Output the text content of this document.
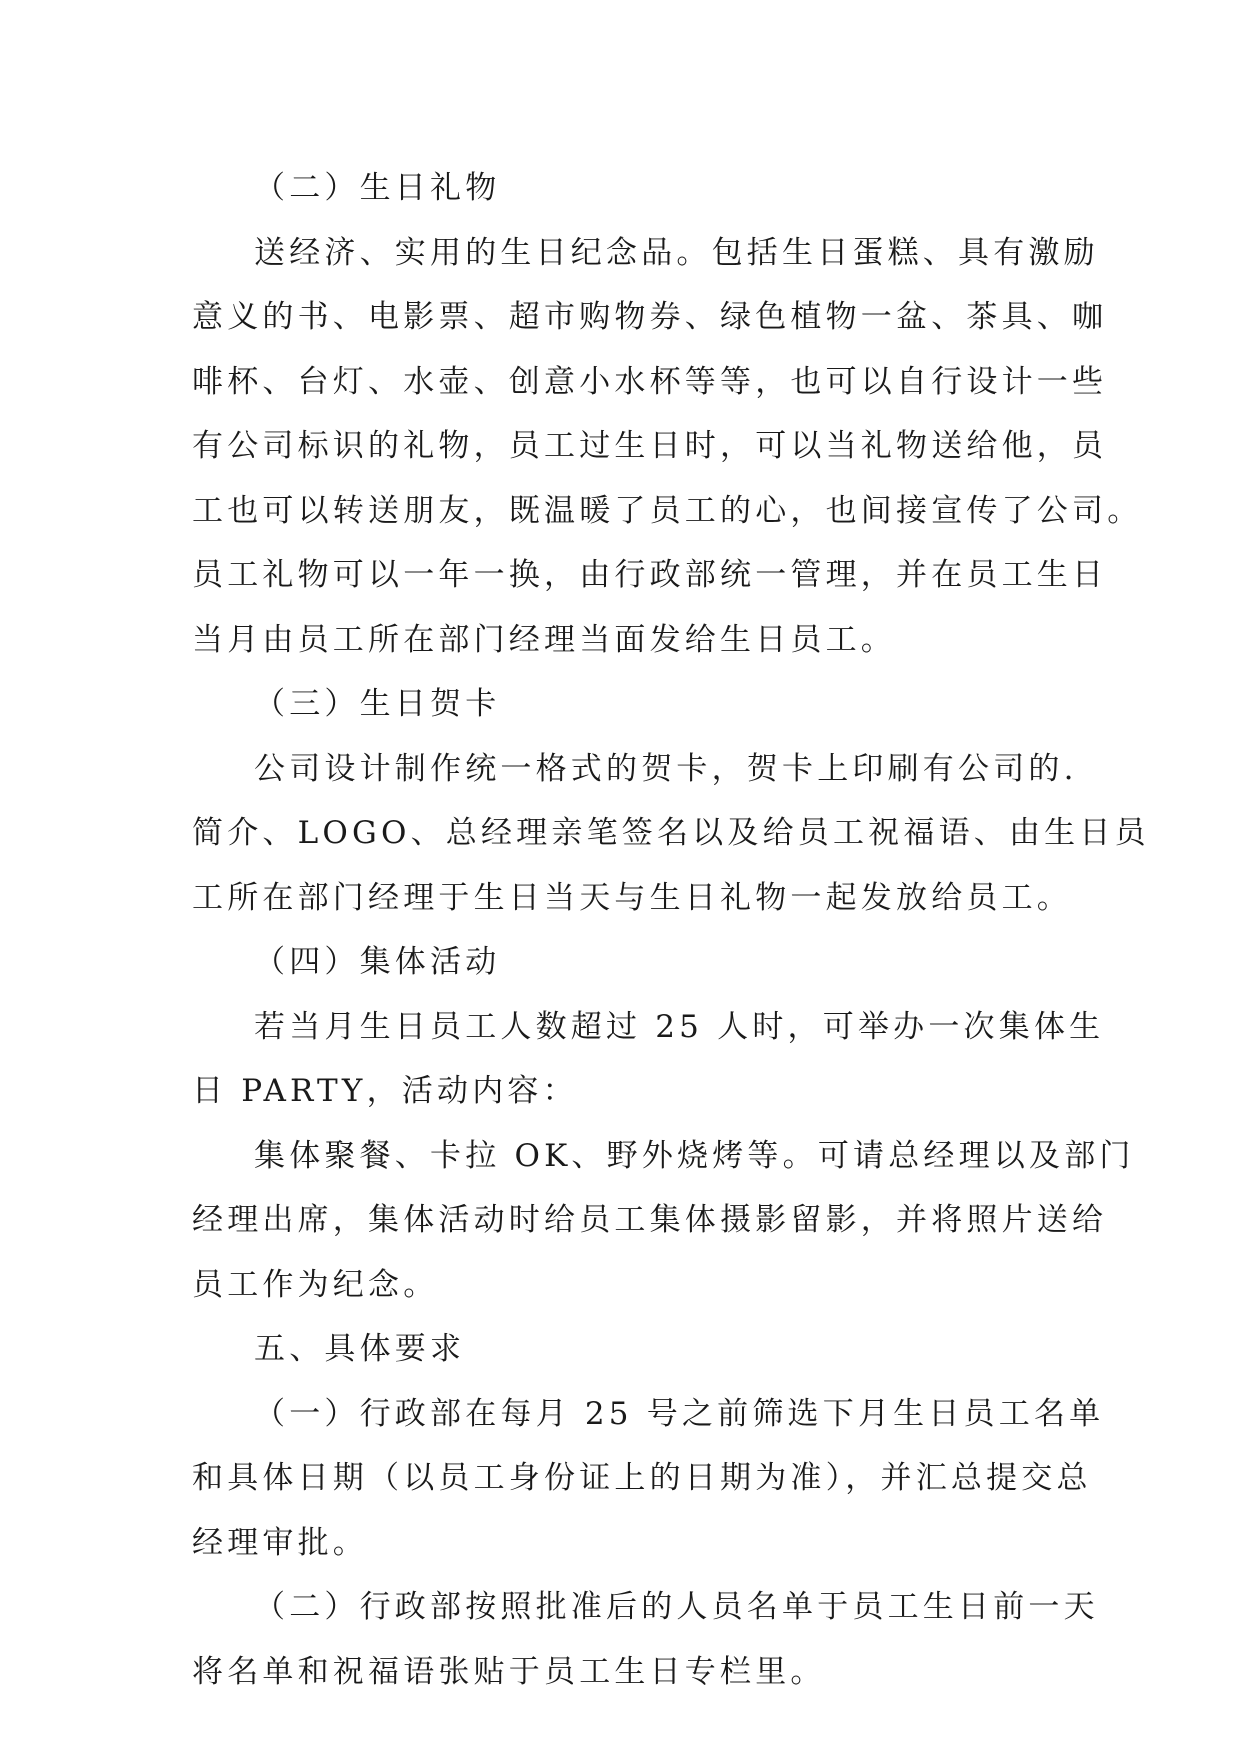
（二）生日礼物
送经济、实用的生日纪念品。包括生日蛋糕、具有激励
意义的书、电影票、超市购物券、绿色植物一盆、茶具、咖
啡杯、台灯、水壶、创意小水杯等等，也可以自行设计一些
有公司标识的礼物，员工过生日时，可以当礼物送给他，员
工也可以转送朋友，既温暖了员工的心，也间接宣传了公司。
员工礼物可以一年一换，由行政部统一管理，并在员工生日
当月由员工所在部门经理当面发给生日员工。
（三）生日贺卡
公司设计制作统一格式的贺卡，贺卡上印刷有公司的.
简介、LOGO、总经理亲笔签名以及给员工祝福语、由生日员
工所在部门经理于生日当天与生日礼物一起发放给员工。
（四）集体活动
若当月生日员工人数超过 25 人时，可举办一次集体生
日 PARTY，活动内容：
集体聚餐、卡拉 OK、野外烧烤等。可请总经理以及部门
经理出席，集体活动时给员工集体摄影留影，并将照片送给
员工作为纪念。
五、具体要求
（一）行政部在每月 25 号之前筛选下月生日员工名单
和具体日期（以员工身份证上的日期为准），并汇总提交总
经理审批。
（二）行政部按照批准后的人员名单于员工生日前一天
将名单和祝福语张贴于员工生日专栏里。
